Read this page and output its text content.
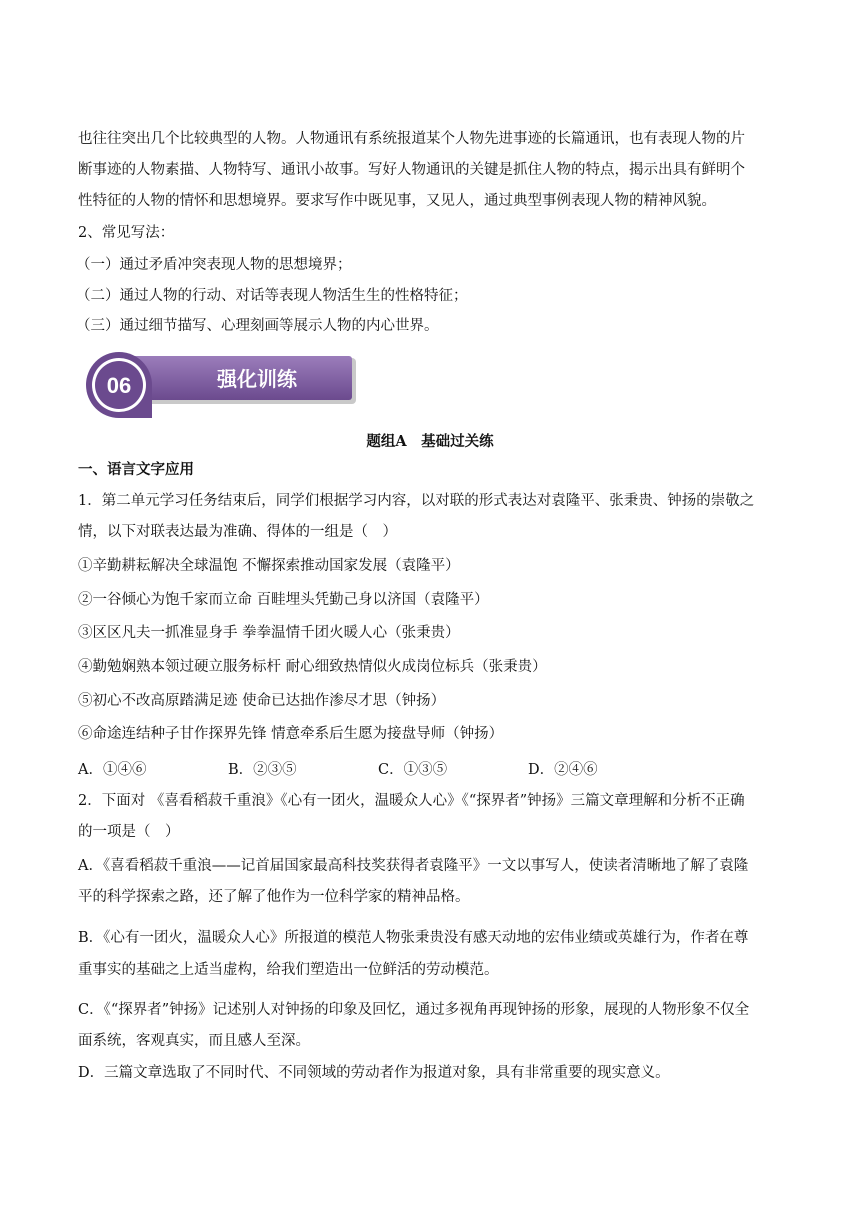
也往往突出几个比较典型的人物。人物通讯有系统报道某个人物先进事迹的长篇通讯，也有表现人物的片
断事迹的人物素描、人物特写、通讯小故事。写好人物通讯的关键是抓住人物的特点，揭示出具有鲜明个
性特征的人物的情怀和思想境界。要求写作中既见事，又见人，通过典型事例表现人物的精神风貌。
2、常见写法：
（一）通过矛盾冲突表现人物的思想境界；
（二）通过人物的行动、对话等表现人物活生生的性格特征；
（三）通过细节描写、心理刻画等展示人物的内心世界。
06	强化训练
题组A　基础过关练
一、语言文字应用
1．第二单元学习任务结束后，同学们根据学习内容，以对联的形式表达对袁隆平、张秉贵、钟扬的崇敬之
情，以下对联表达最为准确、得体的一组是（　）
①辛勤耕耘解决全球温饱 不懈探索推动国家发展（袁隆平）
②一谷倾心为饱千家而立命 百畦埋头凭勤己身以济国（袁隆平）
③区区凡夫一抓准显身手 拳拳温情千团火暖人心（张秉贵）
④勤勉娴熟本领过硬立服务标杆 耐心细致热情似火成岗位标兵（张秉贵）
⑤初心不改高原踏满足迹 使命已达拙作渗尽才思（钟扬）
⑥命途连结种子甘作探界先锋 情意牵系后生愿为接盘导师（钟扬）
A．①④⑥	B．②③⑤	C．①③⑤	D．②④⑥
2．下面对 《喜看稻菽千重浪》《心有一团火，温暖众人心》《“探界者”钟扬》三篇文章理解和分析不正确
的一项是（　）
A．《喜看稻菽千重浪——记首届国家最高科技奖获得者袁隆平》一文以事写人，使读者清晰地了解了袁隆
平的科学探索之路，还了解了他作为一位科学家的精神品格。
B．《心有一团火，温暖众人心》所报道的模范人物张秉贵没有感天动地的宏伟业绩或英雄行为，作者在尊
重事实的基础之上适当虚构，给我们塑造出一位鲜活的劳动模范。
C．《“探界者”钟扬》记述别人对钟扬的印象及回忆，通过多视角再现钟扬的形象，展现的人物形象不仅全
面系统，客观真实，而且感人至深。
D．三篇文章选取了不同时代、不同领域的劳动者作为报道对象，具有非常重要的现实意义。
